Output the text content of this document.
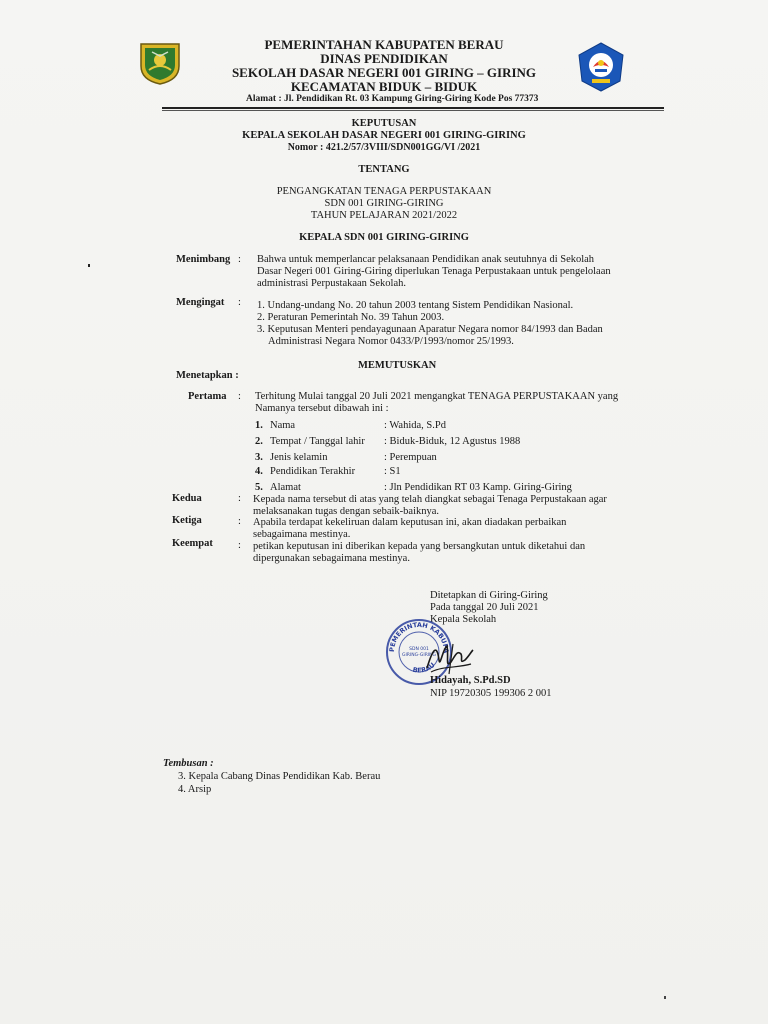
PEMERINTAHAN KABUPATEN BERAU
DINAS PENDIDIKAN
SEKOLAH DASAR NEGERI 001 GIRING – GIRING
KECAMATAN BIDUK – BIDUK
Alamat : Jl. Pendidikan Rt. 03 Kampung Giring-Giring Kode Pos 77373
KEPUTUSAN
KEPALA SEKOLAH DASAR NEGERI 001 GIRING-GIRING
Nomor : 421.2/57/3VIII/SDN001GG/VI /2021
TENTANG
PENGANGKATAN TENAGA PERPUSTAKAAN
SDN 001 GIRING-GIRING
TAHUN PELAJARAN 2021/2022
KEPALA SDN 001 GIRING-GIRING
Menimbang : Bahwa untuk memperlancar pelaksanaan Pendidikan anak seutuhnya di Sekolah
Dasar Negeri 001 Giring-Giring diperlukan Tenaga Perpustakaan untuk pengelolaan
administrasi Perpustakaan Sekolah.
Mengingat : 1. Undang-undang No. 20 tahun 2003 tentang Sistem Pendidikan Nasional.
2. Peraturan Pemerintah No. 39 Tahun 2003.
3. Keputusan Menteri pendayagunaan Aparatur Negara nomor 84/1993 dan Badan
Administrasi Negara Nomor 0433/P/1993/nomor 25/1993.
MEMUTUSKAN
Menetapkan :
Pertama : Terhitung Mulai tanggal 20 Juli 2021 mengangkat TENAGA PERPUSTAKAAN yang
Namanya tersebut dibawah ini :
1. Nama	: Wahida, S.Pd
2. Tempat / Tanggal lahir : Biduk-Biduk, 12 Agustus 1988
3. Jenis kelamin	: Perempuan
4. Pendidikan Terakhir	: S1
5. Alamat	: Jln Pendidikan RT 03 Kamp. Giring-Giring
Kedua	: Kepada nama tersebut di atas yang telah diangkat sebagai Tenaga Perpustakaan agar
melaksanakan tugas dengan sebaik-baiknya.
Ketiga	: Apabila terdapat kekeliruan dalam keputusan ini, akan diadakan perbaikan
sebagaimana mestinya.
Keempat : petikan keputusan ini diberikan kepada yang bersangkutan untuk diketahui dan
dipergunakan sebagaimana mestinya.
Ditetapkan di Giring-Giring
Pada tanggal 20 Juli 2021
Kepala Sekolah
PEMERINTAH KABUPA
BERAU
SDN 001
GIRING-GIRING
Hidayah, S.Pd.SD
NIP 19720305 199306 2 001
Tembusan :
3. Kepala Cabang Dinas Pendidikan Kab. Berau
4. Arsip
